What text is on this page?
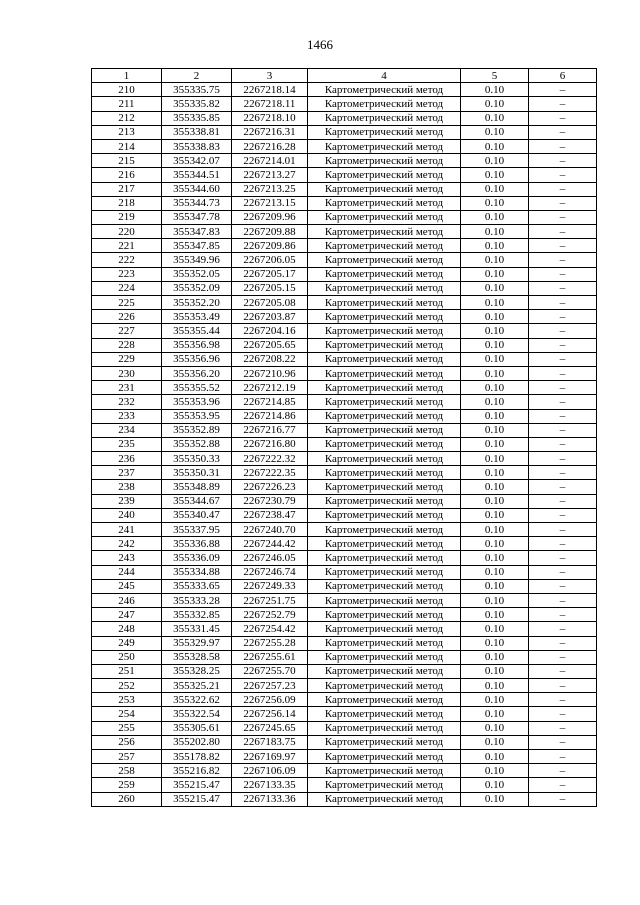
1466
1	2	3	4	5	6
210	355335.75	2267218.14	Картометрический метод	0.10	–
211	355335.82	2267218.11	Картометрический метод	0.10	–
212	355335.85	2267218.10	Картометрический метод	0.10	–
213	355338.81	2267216.31	Картометрический метод	0.10	–
214	355338.83	2267216.28	Картометрический метод	0.10	–
215	355342.07	2267214.01	Картометрический метод	0.10	–
216	355344.51	2267213.27	Картометрический метод	0.10	–
217	355344.60	2267213.25	Картометрический метод	0.10	–
218	355344.73	2267213.15	Картометрический метод	0.10	–
219	355347.78	2267209.96	Картометрический метод	0.10	–
220	355347.83	2267209.88	Картометрический метод	0.10	–
221	355347.85	2267209.86	Картометрический метод	0.10	–
222	355349.96	2267206.05	Картометрический метод	0.10	–
223	355352.05	2267205.17	Картометрический метод	0.10	–
224	355352.09	2267205.15	Картометрический метод	0.10	–
225	355352.20	2267205.08	Картометрический метод	0.10	–
226	355353.49	2267203.87	Картометрический метод	0.10	–
227	355355.44	2267204.16	Картометрический метод	0.10	–
228	355356.98	2267205.65	Картометрический метод	0.10	–
229	355356.96	2267208.22	Картометрический метод	0.10	–
230	355356.20	2267210.96	Картометрический метод	0.10	–
231	355355.52	2267212.19	Картометрический метод	0.10	–
232	355353.96	2267214.85	Картометрический метод	0.10	–
233	355353.95	2267214.86	Картометрический метод	0.10	–
234	355352.89	2267216.77	Картометрический метод	0.10	–
235	355352.88	2267216.80	Картометрический метод	0.10	–
236	355350.33	2267222.32	Картометрический метод	0.10	–
237	355350.31	2267222.35	Картометрический метод	0.10	–
238	355348.89	2267226.23	Картометрический метод	0.10	–
239	355344.67	2267230.79	Картометрический метод	0.10	–
240	355340.47	2267238.47	Картометрический метод	0.10	–
241	355337.95	2267240.70	Картометрический метод	0.10	–
242	355336.88	2267244.42	Картометрический метод	0.10	–
243	355336.09	2267246.05	Картометрический метод	0.10	–
244	355334.88	2267246.74	Картометрический метод	0.10	–
245	355333.65	2267249.33	Картометрический метод	0.10	–
246	355333.28	2267251.75	Картометрический метод	0.10	–
247	355332.85	2267252.79	Картометрический метод	0.10	–
248	355331.45	2267254.42	Картометрический метод	0.10	–
249	355329.97	2267255.28	Картометрический метод	0.10	–
250	355328.58	2267255.61	Картометрический метод	0.10	–
251	355328.25	2267255.70	Картометрический метод	0.10	–
252	355325.21	2267257.23	Картометрический метод	0.10	–
253	355322.62	2267256.09	Картометрический метод	0.10	–
254	355322.54	2267256.14	Картометрический метод	0.10	–
255	355305.61	2267245.65	Картометрический метод	0.10	–
256	355202.80	2267183.75	Картометрический метод	0.10	–
257	355178.82	2267169.97	Картометрический метод	0.10	–
258	355216.82	2267106.09	Картометрический метод	0.10	–
259	355215.47	2267133.35	Картометрический метод	0.10	–
260	355215.47	2267133.36	Картометрический метод	0.10	–
